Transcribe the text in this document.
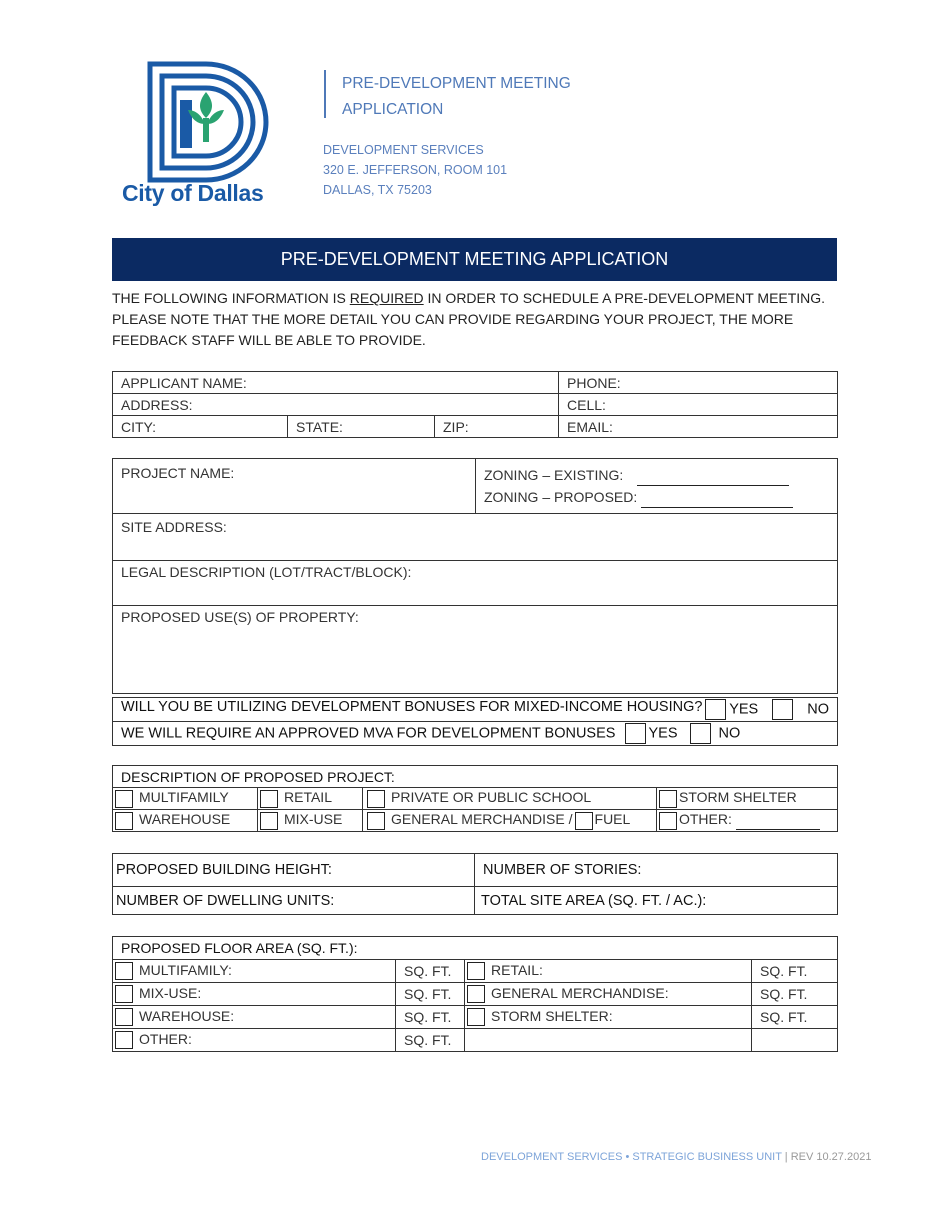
City of Dallas
PRE-DEVELOPMENT MEETING APPLICATION
DEVELOPMENT SERVICES
320 E. JEFFERSON, ROOM 101
DALLAS, TX 75203
PRE-DEVELOPMENT MEETING APPLICATION
THE FOLLOWING INFORMATION IS REQUIRED IN ORDER TO SCHEDULE A PRE-DEVELOPMENT MEETING. PLEASE NOTE THAT THE MORE DETAIL YOU CAN PROVIDE REGARDING YOUR PROJECT, THE MORE FEEDBACK STAFF WILL BE ABLE TO PROVIDE.
APPLICANT NAME:			PHONE:
ADDRESS:			CELL:
CITY:	STATE:	ZIP:	EMAIL:
PROJECT NAME:	ZONING – EXISTING:
ZONING – PROPOSED:

SITE ADDRESS:
LEGAL DESCRIPTION (LOT/TRACT/BLOCK):
PROPOSED USE(S) OF PROPERTY:
WILL YOU BE UTILIZING DEVELOPMENT BONUSES FOR MIXED-INCOME HOUSING?	YES	NO

WE WILL REQUIRE AN APPROVED MVA FOR DEVELOPMENT BONUSES YES	NO
DESCRIPTION OF PROPOSED PROJECT:			
MULTIFAMILY	RETAIL	PRIVATE OR PUBLIC SCHOOL	STORM SHELTER
WAREHOUSE	MIX-USE	GENERAL MERCHANDISE / FUEL	OTHER:
PROPOSED BUILDING HEIGHT:	NUMBER OF STORIES:
NUMBER OF DWELLING UNITS:	TOTAL SITE AREA (SQ. FT. / AC.):
PROPOSED FLOOR AREA (SQ. FT.):			
MULTIFAMILY:	SQ. FT.	RETAIL:	SQ. FT.
MIX-USE:	SQ. FT.	GENERAL MERCHANDISE:	SQ. FT.
WAREHOUSE:	SQ. FT.	STORM SHELTER:	SQ. FT.
OTHER:	SQ. FT.		
DEVELOPMENT SERVICES • STRATEGIC BUSINESS UNIT | REV 10.27.2021
